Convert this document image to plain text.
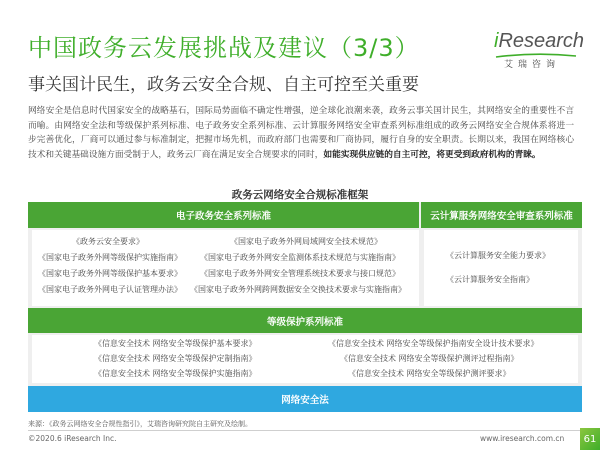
中国政务云发展挑战及建议（3/3）
事关国计民生，政务云安全合规、自主可控至关重要
iResearch
艾瑞咨询
网络安全是信息时代国家安全的战略基石，国际局势面临不确定性增强，逆全球化浪潮来袭，政务云事关国计民生，其网络安全的重要性不言而喻。由网络安全法和等级保护系列标准、电子政务安全系列标准、云计算服务网络安全审查系列标准组成的政务云网络安全合规体系将进一步完善优化，厂商可以通过参与标准制定，把握市场先机，而政府部门也需要和厂商协同，履行自身的安全职责。长期以来，我国在网络核心技术和关键基础设施方面受制于人，政务云厂商在满足安全合规要求的同时，如能实现供应链的自主可控，将更受到政府机构的青睐。
政务云网络安全合规标准框架
电子政务安全系列标准
《政务云安全要求》
《国家电子政务外网等级保护实施指南》
《国家电子政务外网等级保护基本要求》
《国家电子政务外网电子认证管理办法》
《国家电子政务外网局域网安全技术规范》
《国家电子政务外网安全监测体系技术规范与实施指南》
《国家电子政务外网安全管理系统技术要求与接口规范》
《国家电子政务外网跨网数据安全交换技术要求与实施指南》
云计算服务网络安全审查系列标准
《云计算服务安全能力要求》
《云计算服务安全指南》
等级保护系列标准
《信息安全技术 网络安全等级保护基本要求》
《信息安全技术 网络安全等级保护定制指南》
《信息安全技术 网络安全等级保护实施指南》
《信息安全技术 网络安全等级保护指南安全设计技术要求》
《信息安全技术 网络安全等级保护测评过程指南》
《信息安全技术 网络安全等级保护测评要求》
网络安全法
来源：《政务云网络安全合规性指引》，艾瑞咨询研究院自主研究及绘制。
©2020.6 iResearch Inc.	www.iresearch.com.cn	61
